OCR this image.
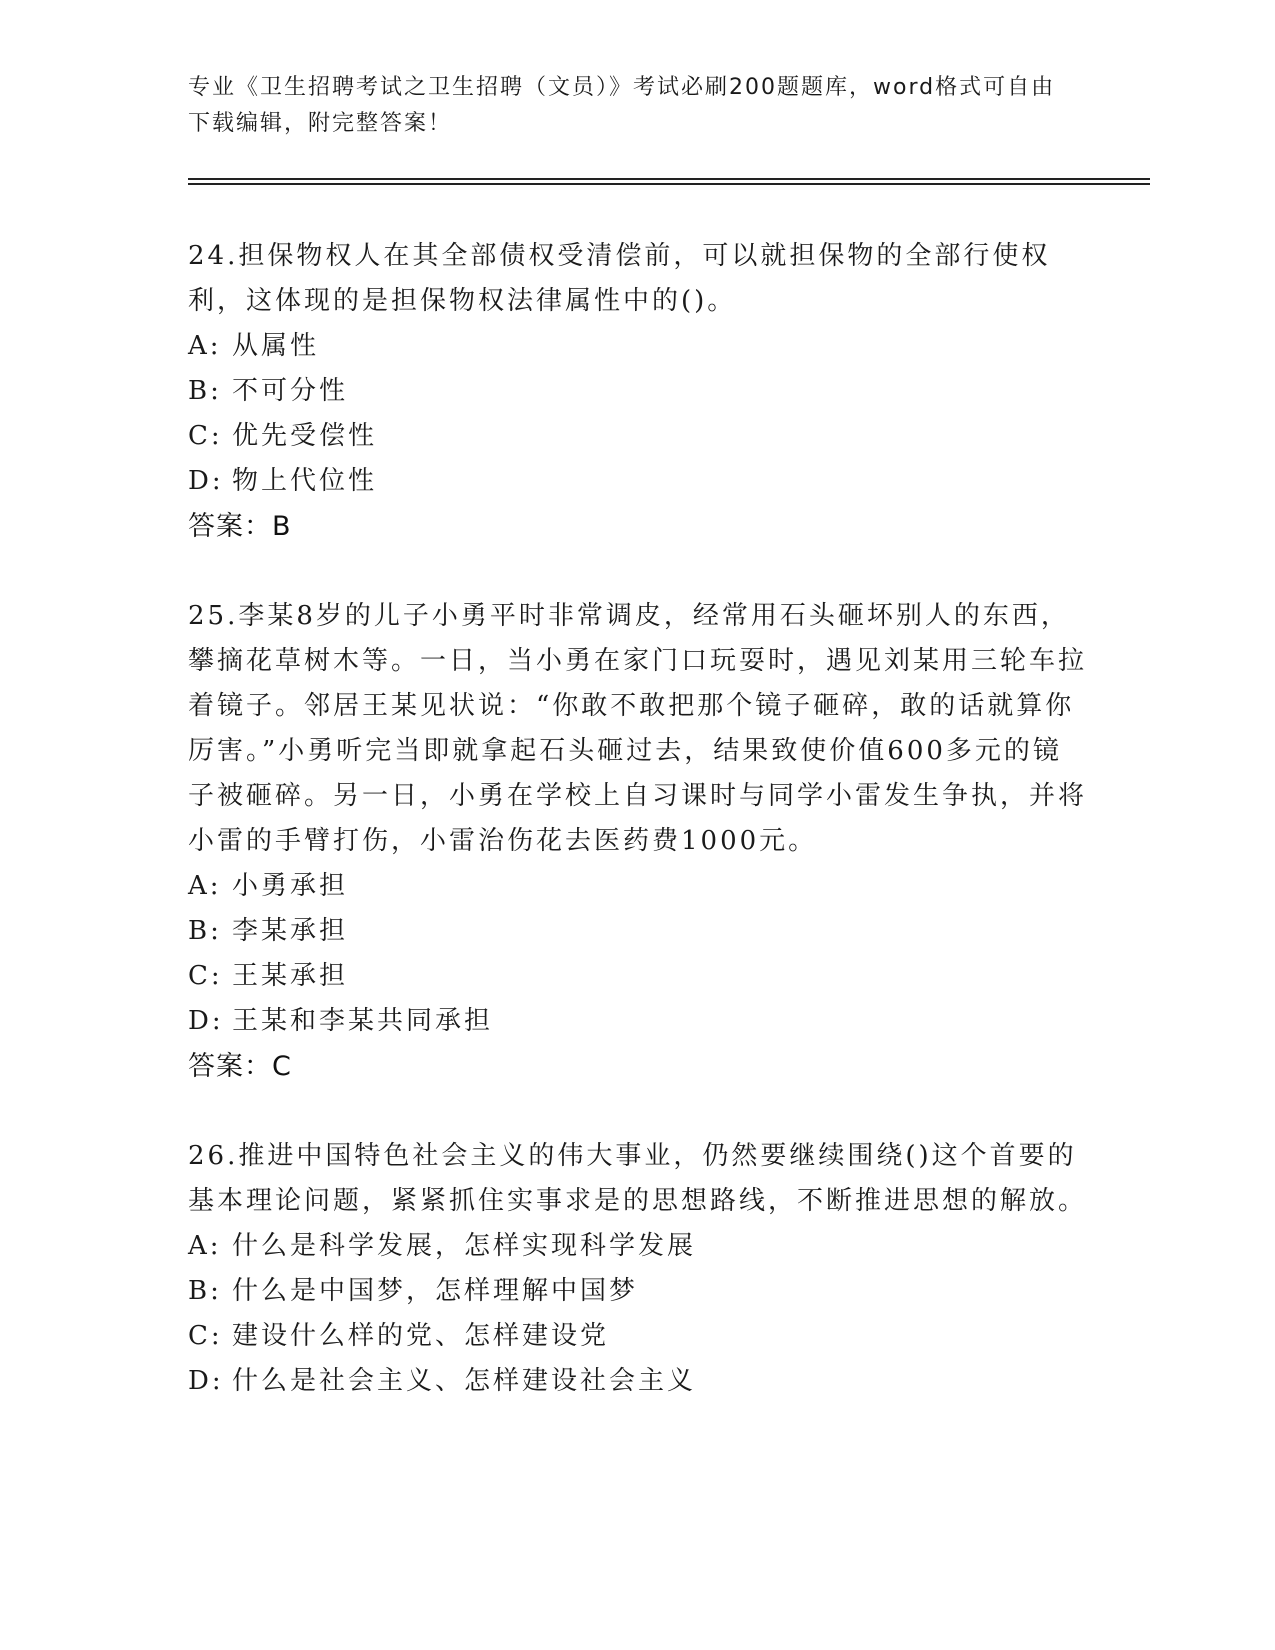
专业《卫生招聘考试之卫生招聘（文员）》考试必刷200题题库，word格式可自由下载编辑，附完整答案！

24.担保物权人在其全部债权受清偿前，可以就担保物的全部行使权利，这体现的是担保物权法律属性中的()。

A: 从属性
B: 不可分性
C: 优先受偿性
D: 物上代位性
答案：B

25.李某8岁的儿子小勇平时非常调皮，经常用石头砸坏别人的东西，攀摘花草树木等。一日，当小勇在家门口玩耍时，遇见刘某用三轮车拉着镜子。邻居王某见状说：“你敢不敢把那个镜子砸碎，敢的话就算你厉害。”小勇听完当即就拿起石头砸过去，结果致使价值600多元的镜子被砸碎。另一日，小勇在学校上自习课时与同学小雷发生争执，并将小雷的手臂打伤，小雷治伤花去医药费1000元。

A: 小勇承担
B: 李某承担
C: 王某承担
D: 王某和李某共同承担
答案：C

26.推进中国特色社会主义的伟大事业，仍然要继续围绕()这个首要的基本理论问题，紧紧抓住实事求是的思想路线，不断推进思想的解放。

A: 什么是科学发展，怎样实现科学发展
B: 什么是中国梦，怎样理解中国梦
C: 建设什么样的党、怎样建设党
D: 什么是社会主义、怎样建设社会主义
